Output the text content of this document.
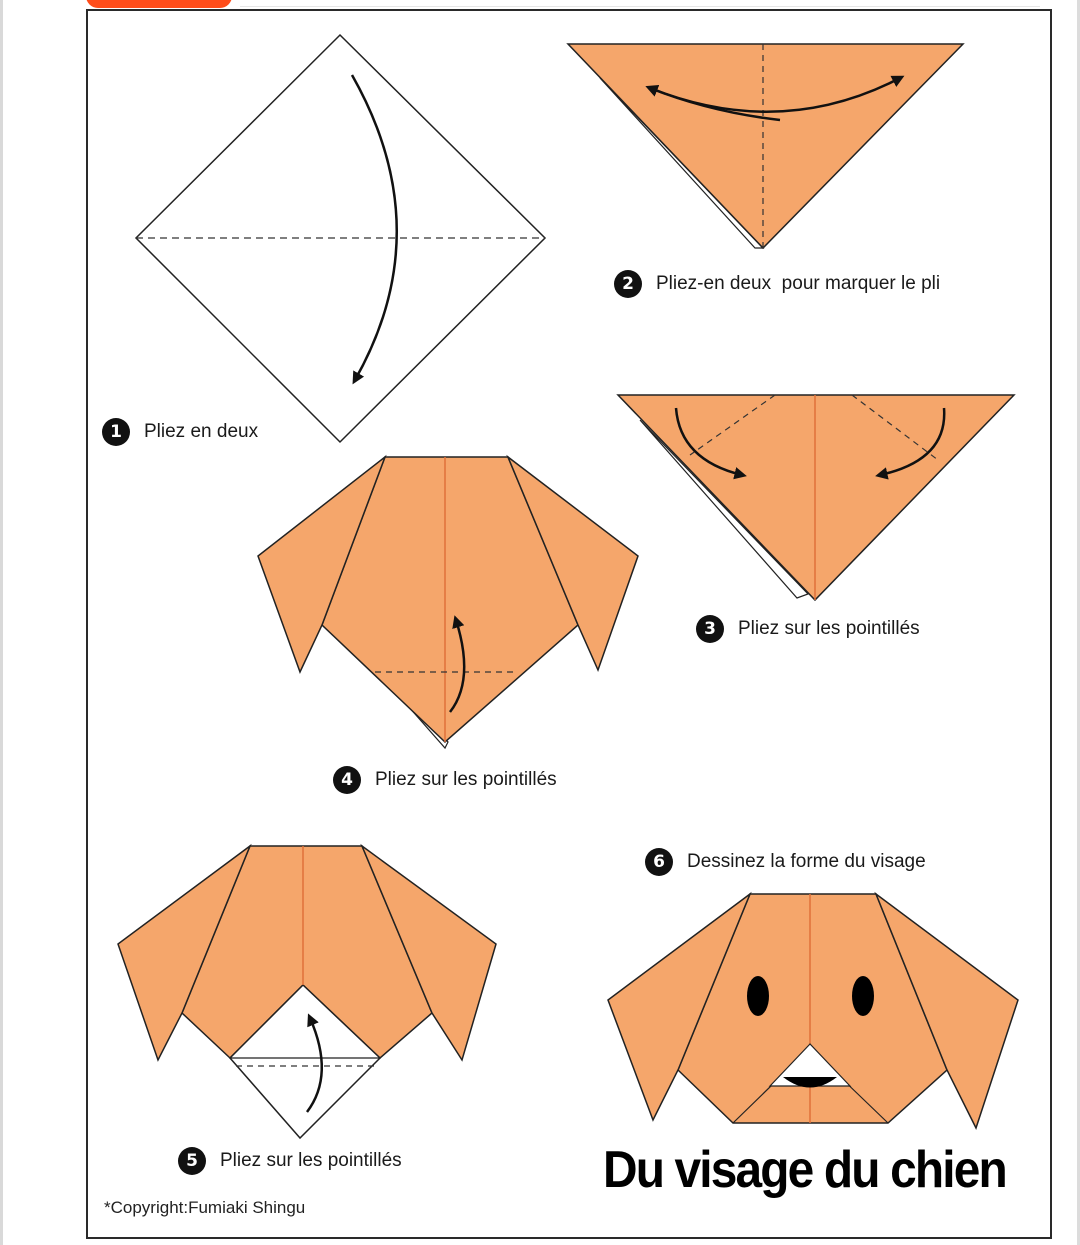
1	Pliez en deux
2	Pliez-en deux  pour marquer le pli
3	Pliez sur les pointillés
4	Pliez sur les pointillés
5	Pliez sur les pointillés
6	Dessinez la forme du visage
*Copyright:Fumiaki Shingu
Du visage du chien
